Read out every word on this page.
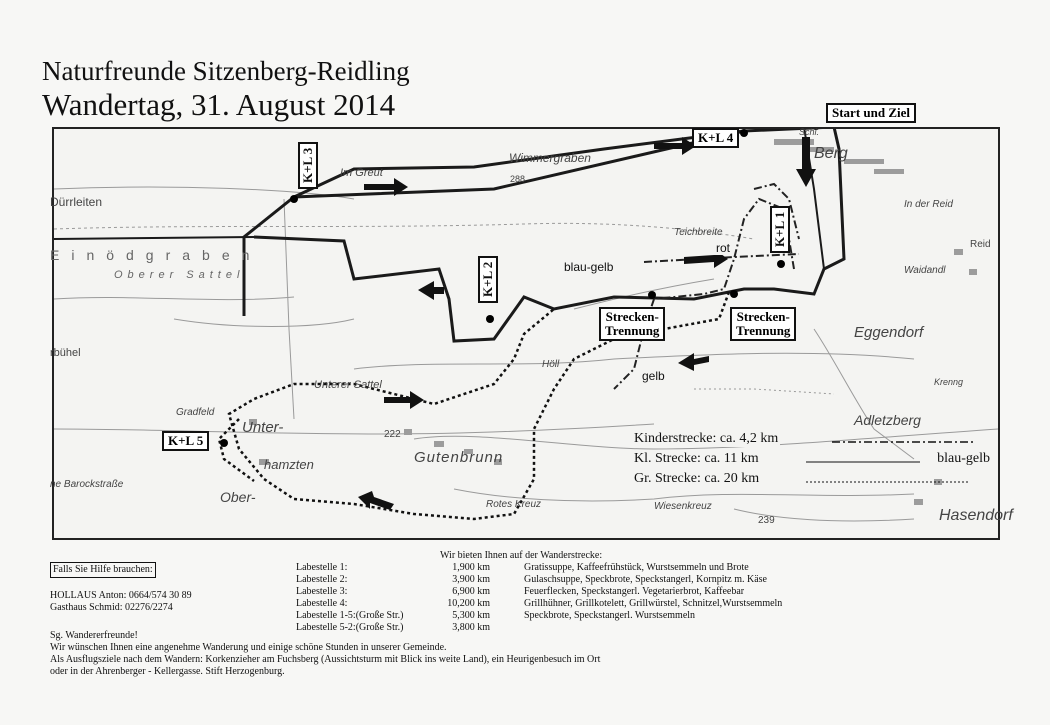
Naturfreunde Sitzenberg-Reidling
Wandertag, 31. August 2014
Dürrleiten
Im Greut
Wimmergraben
Teichbreite
Berg
In der Reid
Waidandl
Eggendorf
Adletzberg
Hasendorf
Unterer Sattel
Gradfeld
Unter-
hamzten
Ober-
Gutenbrunn
Rotes Kreuz	Wiesenkreuz
Höll
Einödgraben
Oberer Sattel
Schl.
rbühel
ne Barockstraße
Reid
Krenng
288
222
239
rot
blau-gelb
gelb
Start und Ziel
K+L 4
K+L 5
K+L 3
K+L 2
K+L 1
Strecken-
Trennung
Strecken-
Trennung
Kinderstrecke: ca. 4,2 km
Kl. Strecke: ca. 11 km	blau-gelb
Gr. Strecke: ca. 20 km
Wir bieten Ihnen auf der Wanderstrecke:
Falls Sie Hilfe brauchen:
HOLLAUS Anton: 0664/574 30 89
Gasthaus Schmid: 02276/2274
Sg. Wandererfreunde!
Labestelle 1:	1,900 km	Gratissuppe, Kaffeefrühstück, Wurstsemmeln und Brote
Labestelle 2:	3,900 km	Gulaschsuppe, Speckbrote, Speckstangerl, Kornpitz m. Käse
Labestelle 3:	6,900 km	Feuerflecken, Speckstangerl. Vegetarierbrot, Kaffeebar
Labestelle 4:	10,200 km	Grillhühner, Grillkotelett, Grillwürstel, Schnitzel,Wurstsemmeln
Labestelle 1-5:(Große Str.)	5,300 km	Speckbrote, Speckstangerl. Wurstsemmeln
Labestelle 5-2:(Große Str.)	3,800 km
Wir wünschen Ihnen eine angenehme Wanderung und einige schöne Stunden in unserer Gemeinde.
Als Ausflugsziele nach dem Wandern: Korkenzieher am Fuchsberg (Aussichtsturm mit Blick ins weite Land), ein Heurigenbesuch im Ort
oder in der Ahrenberger - Kellergasse. Stift Herzogenburg.
